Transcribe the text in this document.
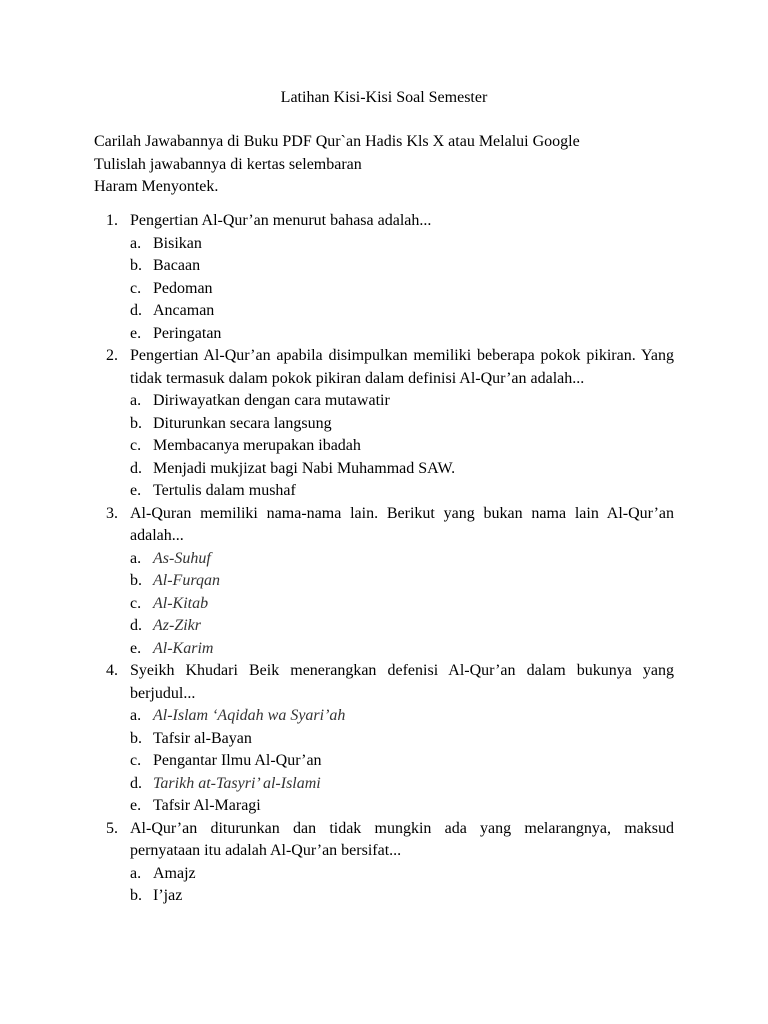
Latihan Kisi-Kisi Soal Semester
Carilah Jawabannya di Buku PDF Qur`an Hadis Kls X atau Melalui Google
Tulislah jawabannya di kertas selembaran
Haram Menyontek.
1. Pengertian Al-Qur’an menurut bahasa adalah...
a. Bisikan
b. Bacaan
c. Pedoman
d. Ancaman
e. Peringatan
2. Pengertian Al-Qur’an apabila disimpulkan memiliki beberapa pokok pikiran. Yang tidak termasuk dalam pokok pikiran dalam definisi Al-Qur’an adalah...
a. Diriwayatkan dengan cara mutawatir
b. Diturunkan secara langsung
c. Membacanya merupakan ibadah
d. Menjadi mukjizat bagi Nabi Muhammad SAW.
e. Tertulis dalam mushaf
3. Al-Quran memiliki nama-nama lain. Berikut yang bukan nama lain Al-Qur’an adalah...
a. As-Suhuf
b. Al-Furqan
c. Al-Kitab
d. Az-Zikr
e. Al-Karim
4. Syeikh Khudari Beik menerangkan defenisi Al-Qur’an dalam bukunya yang berjudul...
a. Al-Islam ‘Aqidah wa Syari’ah
b. Tafsir al-Bayan
c. Pengantar Ilmu Al-Qur’an
d. Tarikh at-Tasyri’ al-Islami
e. Tafsir Al-Maragi
5. Al-Qur’an diturunkan dan tidak mungkin ada yang melarangnya, maksud pernyataan itu adalah Al-Qur’an bersifat...
a. Amajz
b. I’jaz
